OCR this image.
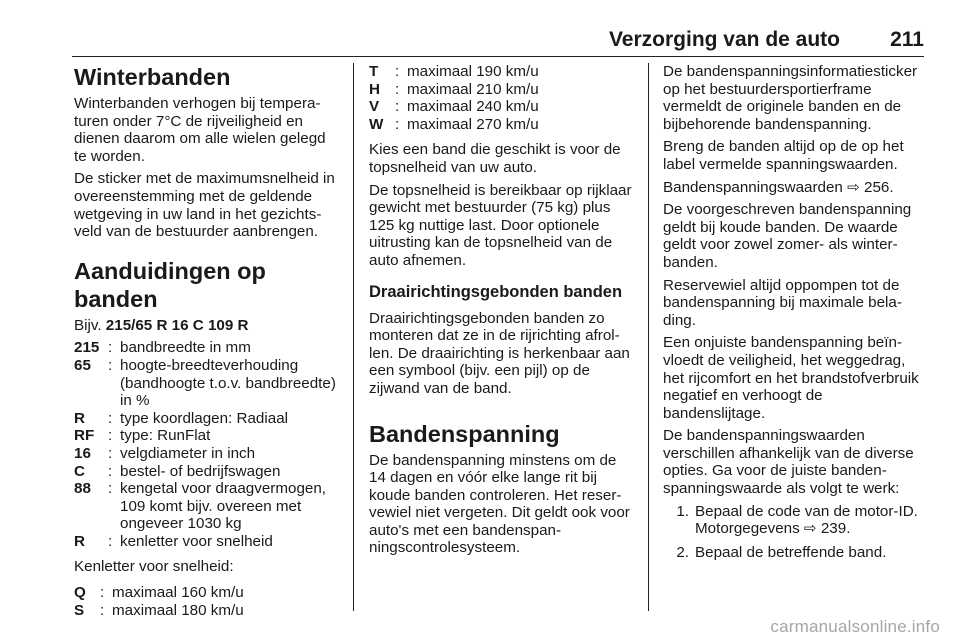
Verzorging van de auto	211
Winterbanden

Winterbanden verhogen bij temperaturen onder 7°C de rijveiligheid en dienen daarom om alle wielen gelegd te worden.

De sticker met de maximumsnelheid in overeenstemming met de geldende wetgeving in uw land in het gezichtsveld van de bestuurder aanbrengen.

Aanduidingen op banden

Bijv. 215/65 R 16 C 109 R

215 : bandbreedte in mm
65	: hoogte-breedteverhouding (bandhoogte t.o.v. bandbreedte) in %
R	: type koordlagen: Radiaal
RF : type: RunFlat
16	: velgdiameter in inch
C	: bestel- of bedrijfswagen
88	: kengetal voor draagvermogen, 109 komt bijv. overeen met ongeveer 1030 kg
R	: kenletter voor snelheid

Kenletter voor snelheid:

Q : maximaal 160 km/u
S	: maximaal 180 km/u
T	: maximaal 190 km/u
H : maximaal 210 km/u
V	: maximaal 240 km/u
W : maximaal 270 km/u

Kies een band die geschikt is voor de topsnelheid van uw auto.

De topsnelheid is bereikbaar op rijklaar gewicht met bestuurder (75 kg) plus 125 kg nuttige last. Door optionele uitrusting kan de topsnelheid van de auto afnemen.

Draairichtingsgebonden banden

Draairichtingsgebonden banden zo monteren dat ze in de rijrichting afrollen. De draairichting is herkenbaar aan een symbool (bijv. een pijl) op de zijwand van de band.

Bandenspanning

De bandenspanning minstens om de 14 dagen en vóór elke lange rit bij koude banden controleren. Het reservewiel niet vergeten. Dit geldt ook voor auto's met een bandenspanningscontrolesysteem.

De bandenspanningsinformatiesticker op het bestuurdersportierframe vermeldt de originele banden en de bijbehorende bandenspanning.

Breng de banden altijd op de op het label vermelde spanningswaarden.

Bandenspanningswaarden ⇨ 256.

De voorgeschreven bandenspanning geldt bij koude banden. De waarde geldt voor zowel zomer- als winterbanden.

Reservewiel altijd oppompen tot de bandenspanning bij maximale belading.

Een onjuiste bandenspanning beïnvloedt de veiligheid, het weggedrag, het rijcomfort en het brandstofverbruik negatief en verhoogt de bandenslijtage.

De bandenspanningswaarden verschillen afhankelijk van de diverse opties. Ga voor de juiste bandenspanningswaarde als volgt te werk:

1. Bepaal de code van de motor-ID. Motorgegevens ⇨ 239.
2. Bepaal de betreffende band.
carmanualsonline.info
